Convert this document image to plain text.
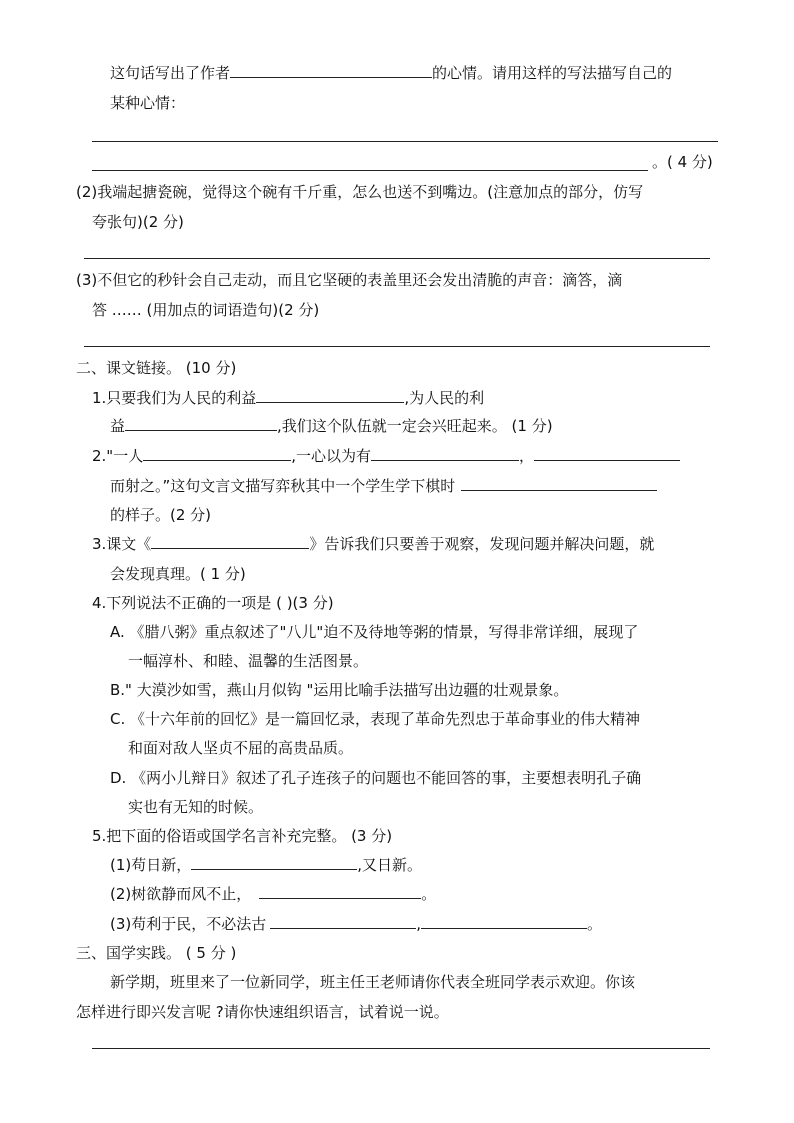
这句话写出了作者	的心情。请用这样的写法描写自己的
某种心情：
。( 4 分)
(2)我端起搪瓷碗，觉得这个碗有千斤重，怎么也送不到嘴边。(注意加点的部分，仿写
夸张句)(2 分)
(3)不但它的秒针会自己走动，而且它坚硬的表盖里还会发出清脆的声音：滴答，滴
答 …… (用加点的词语造句)(2 分)
二、课文链接。 (10 分)
1.只要我们为人民的利益	,为人民的利
益	,我们这个队伍就一定会兴旺起来。 (1 分)
2."一人	,一心以为有	，
而射之。”这句文言文描写弈秋其中一个学生学下棋时
的样子。(2 分)
3.课文《	》告诉我们只要善于观察，发现问题并解决问题，就
会发现真理。( 1 分)
4.下列说法不正确的一项是 ( )(3 分)
A. 《腊八粥》重点叙述了"八儿"迫不及待地等粥的情景，写得非常详细，展现了
一幅淳朴、和睦、温馨的生活图景。
B." 大漠沙如雪，燕山月似钩 "运用比喻手法描写出边疆的壮观景象。
C. 《十六年前的回忆》是一篇回忆录，表现了革命先烈忠于革命事业的伟大精神
和面对敌人坚贞不屈的高贵品质。
D. 《两小儿辩日》叙述了孔子连孩子的问题也不能回答的事，主要想表明孔子确
实也有无知的时候。
5.把下面的俗语或国学名言补充完整。 (3 分)
(1)苟日新，	,又日新。
(2)树欲静而风不止，	。
(3)苟利于民，不必法古	,	。
三、国学实践。 ( 5 分 )
新学期，班里来了一位新同学，班主任王老师请你代表全班同学表示欢迎。你该
怎样进行即兴发言呢 ?请你快速组织语言，试着说一说。
